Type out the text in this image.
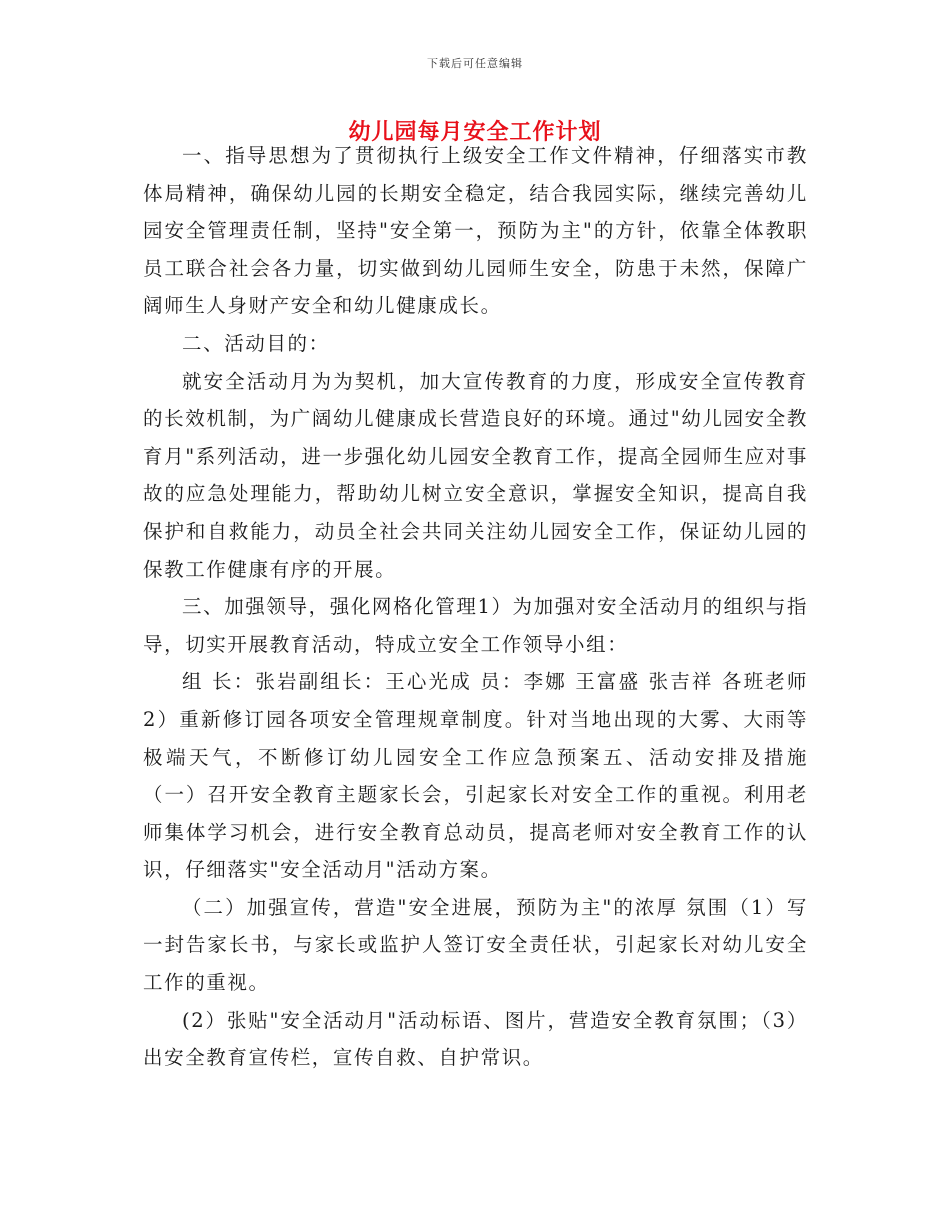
下载后可任意编辑
幼儿园每月安全工作计划

一、指导思想为了贯彻执行上级安全工作文件精神，仔细落实市教体局精神，确保幼儿园的长期安全稳定，结合我园实际，继续完善幼儿园安全管理责任制，坚持"安全第一，预防为主"的方针，依靠全体教职员工联合社会各力量，切实做到幼儿园师生安全，防患于未然，保障广阔师生人身财产安全和幼儿健康成长。

二、活动目的：

就安全活动月为为契机，加大宣传教育的力度，形成安全宣传教育的长效机制，为广阔幼儿健康成长营造良好的环境。通过"幼儿园安全教育月"系列活动，进一步强化幼儿园安全教育工作，提高全园师生应对事故的应急处理能力，帮助幼儿树立安全意识，掌握安全知识，提高自我保护和自救能力，动员全社会共同关注幼儿园安全工作，保证幼儿园的保教工作健康有序的开展。

三、加强领导，强化网格化管理1）为加强对安全活动月的组织与指导，切实开展教育活动，特成立安全工作领导小组：

组 长：张岩副组长：王心光成 员：李娜 王富盛 张吉祥 各班老师2）重新修订园各项安全管理规章制度。针对当地出现的大雾、大雨等极端天气，不断修订幼儿园安全工作应急预案五、活动安排及措施（一）召开安全教育主题家长会，引起家长对安全工作的重视。利用老师集体学习机会，进行安全教育总动员，提高老师对安全教育工作的认识，仔细落实"安全活动月"活动方案。

（二）加强宣传，营造"安全进展，预防为主"的浓厚 氛围（1）写一封告家长书，与家长或监护人签订安全责任状，引起家长对幼儿安全工作的重视。

(2）张贴"安全活动月"活动标语、图片，营造安全教育氛围；（3）出安全教育宣传栏，宣传自救、自护常识。
